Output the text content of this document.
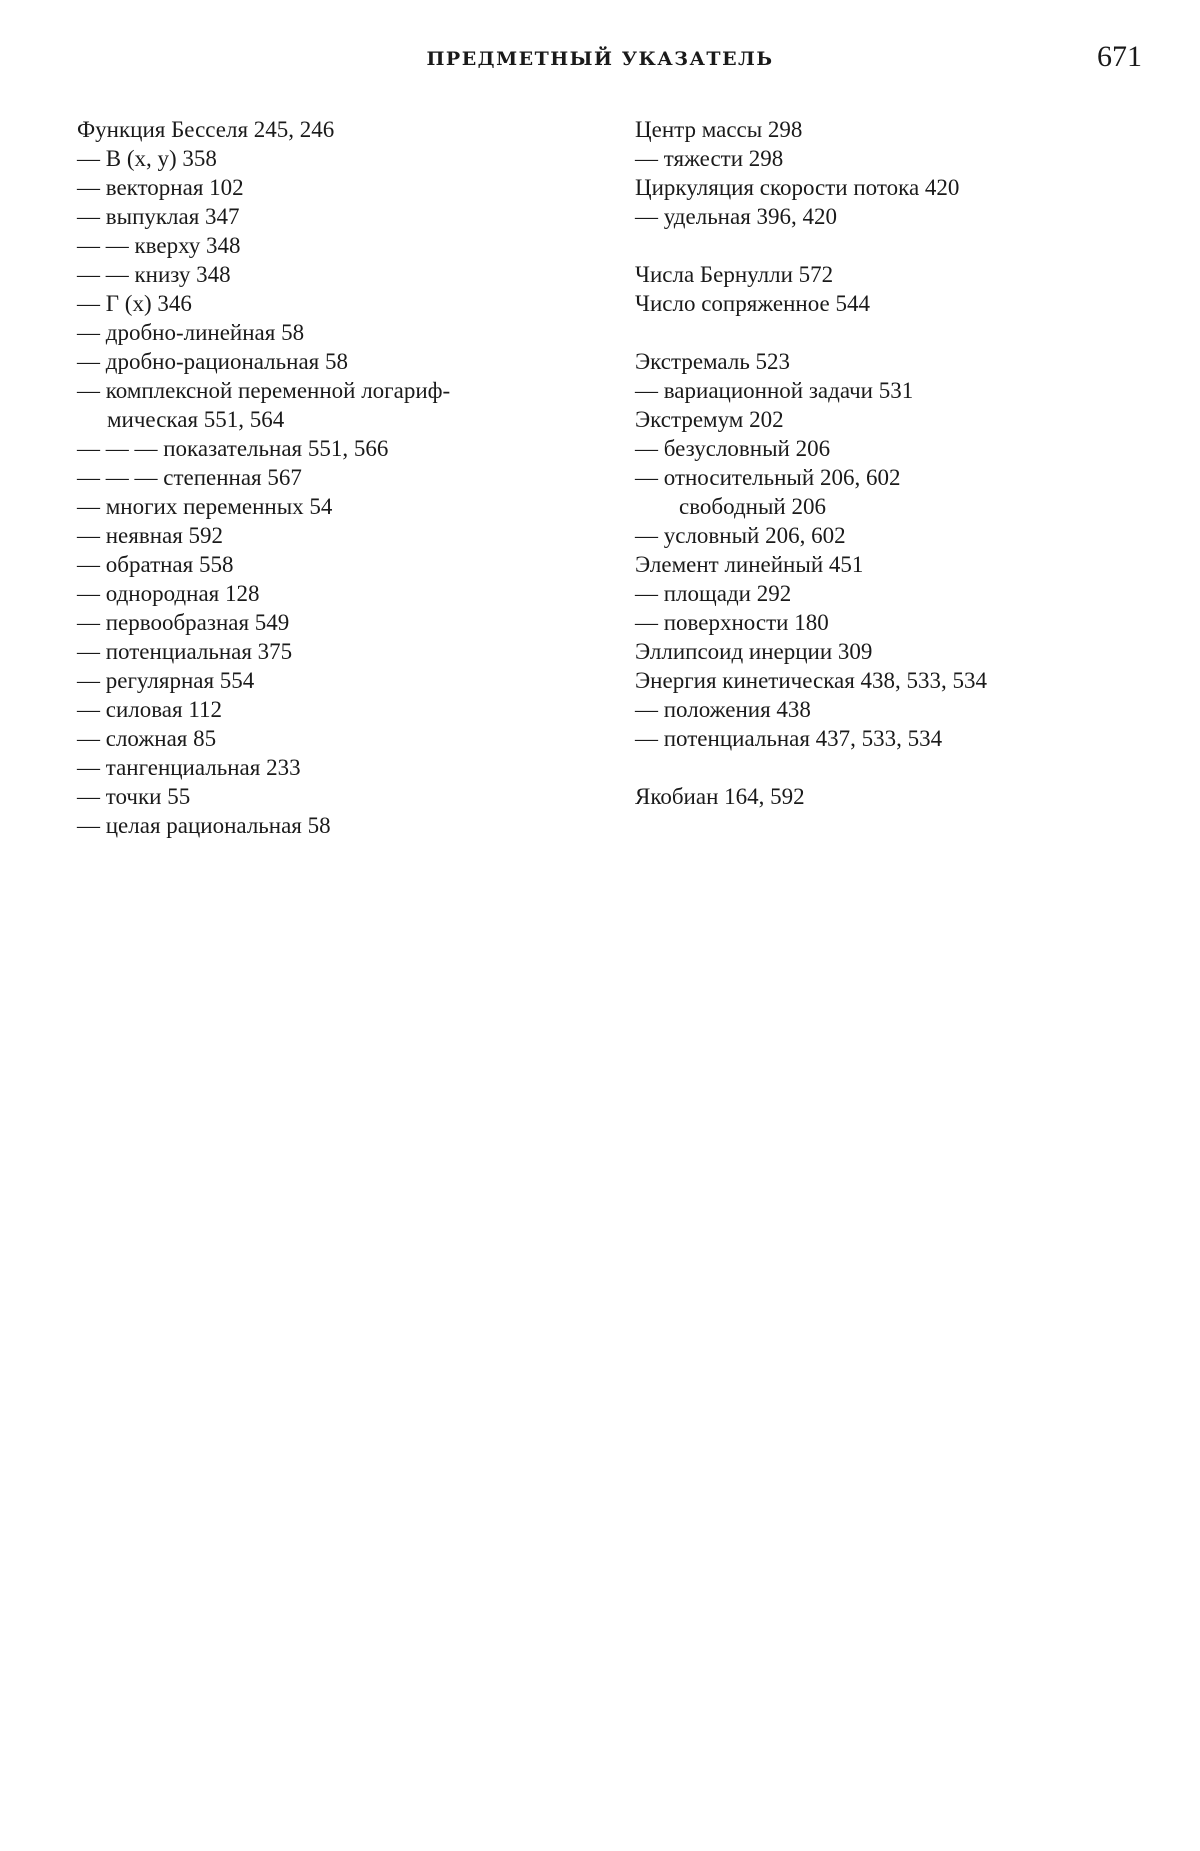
ПРЕДМЕТНЫЙ УКАЗАТЕЛЬ	671
Функция Бесселя 245, 246
— B (x, y) 358
— векторная 102
— выпуклая 347
— — кверху 348
— — книзу 348
— Г (x) 346
— дробно-линейная 58
— дробно-рациональная 58
— комплексной переменной логариф-
мическая 551, 564
— — — показательная 551, 566
— — — степенная 567
— многих переменных 54
— неявная 592
— обратная 558
— однородная 128
— первообразная 549
— потенциальная 375
— регулярная 554
— силовая 112
— сложная 85
— тангенциальная 233
— точки 55
— целая рациональная 58
Центр массы 298
— тяжести 298
Циркуляция скорости потока 420
— удельная 396, 420
Числа Бернулли 572
Число сопряженное 544
Экстремаль 523
— вариационной задачи 531
Экстремум 202
— безусловный 206
— относительный 206, 602
свободный 206
— условный 206, 602
Элемент линейный 451
— площади 292
— поверхности 180
Эллипсоид инерции 309
Энергия кинетическая 438, 533, 534
— положения 438
— потенциальная 437, 533, 534
Якобиан 164, 592
